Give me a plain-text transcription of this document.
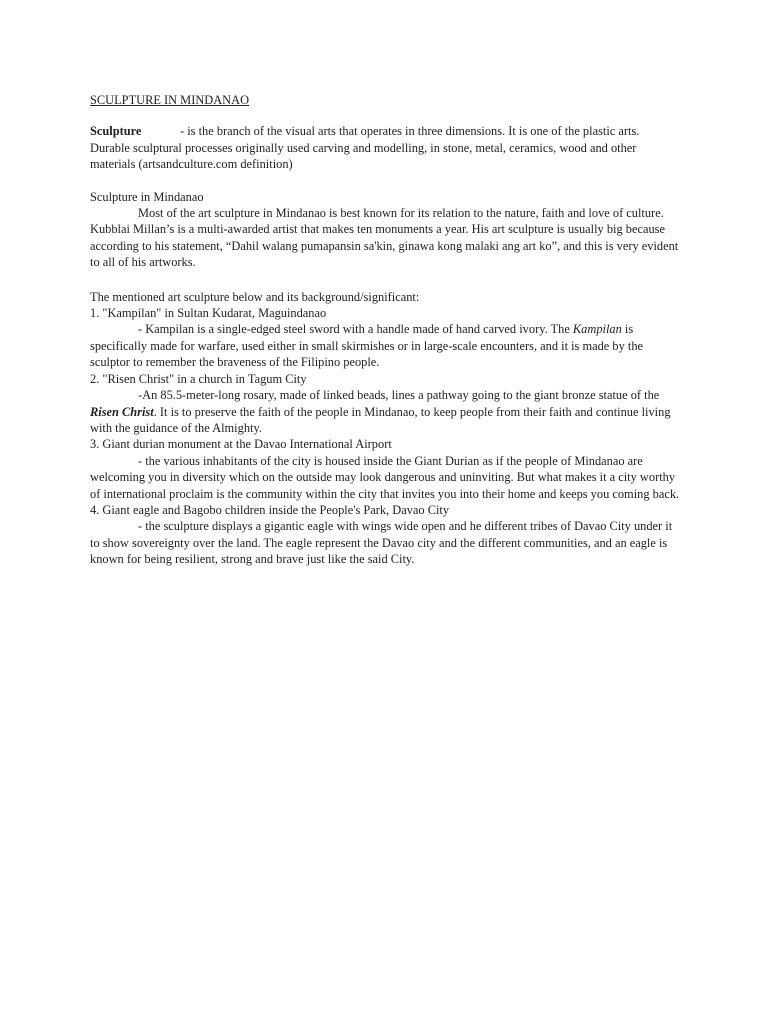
SCULPTURE IN MINDANAO

Sculpture	- is the branch of the visual arts that operates in three dimensions. It is one of the plastic arts. Durable sculptural processes originally used carving and modelling, in stone, metal, ceramics, wood and other materials (artsandculture.com definition)

Sculpture in Mindanao

Most of the art sculpture in Mindanao is best known for its relation to the nature, faith and love of culture. Kubblai Millan’s is a multi-awarded artist that makes ten monuments a year. His art sculpture is usually big because according to his statement, “Dahil walang pumapansin sa'kin, ginawa kong malaki ang art ko”, and this is very evident to all of his artworks.

The mentioned art sculpture below and its background/significant:

1. "Kampilan" in Sultan Kudarat, Maguindanao

- Kampilan is a single-edged steel sword with a handle made of hand carved ivory. The Kampilan is specifically made for warfare, used either in small skirmishes or in large-scale encounters, and it is made by the sculptor to remember the braveness of the Filipino people.

2. "Risen Christ" in a church in Tagum City

-An 85.5-meter-long rosary, made of linked beads, lines a pathway going to the giant bronze statue of the Risen Christ. It is to preserve the faith of the people in Mindanao, to keep people from their faith and continue living with the guidance of the Almighty.

3. Giant durian monument at the Davao International Airport

- the various inhabitants of the city is housed inside the Giant Durian as if the people of Mindanao are welcoming you in diversity which on the outside may look dangerous and uninviting. But what makes it a city worthy of international proclaim is the community within the city that invites you into their home and keeps you coming back.

4. Giant eagle and Bagobo children inside the People's Park, Davao City

- the sculpture displays a gigantic eagle with wings wide open and he different tribes of Davao City under it to show sovereignty over the land. The eagle represent the Davao city and the different communities, and an eagle is known for being resilient, strong and brave just like the said City.
